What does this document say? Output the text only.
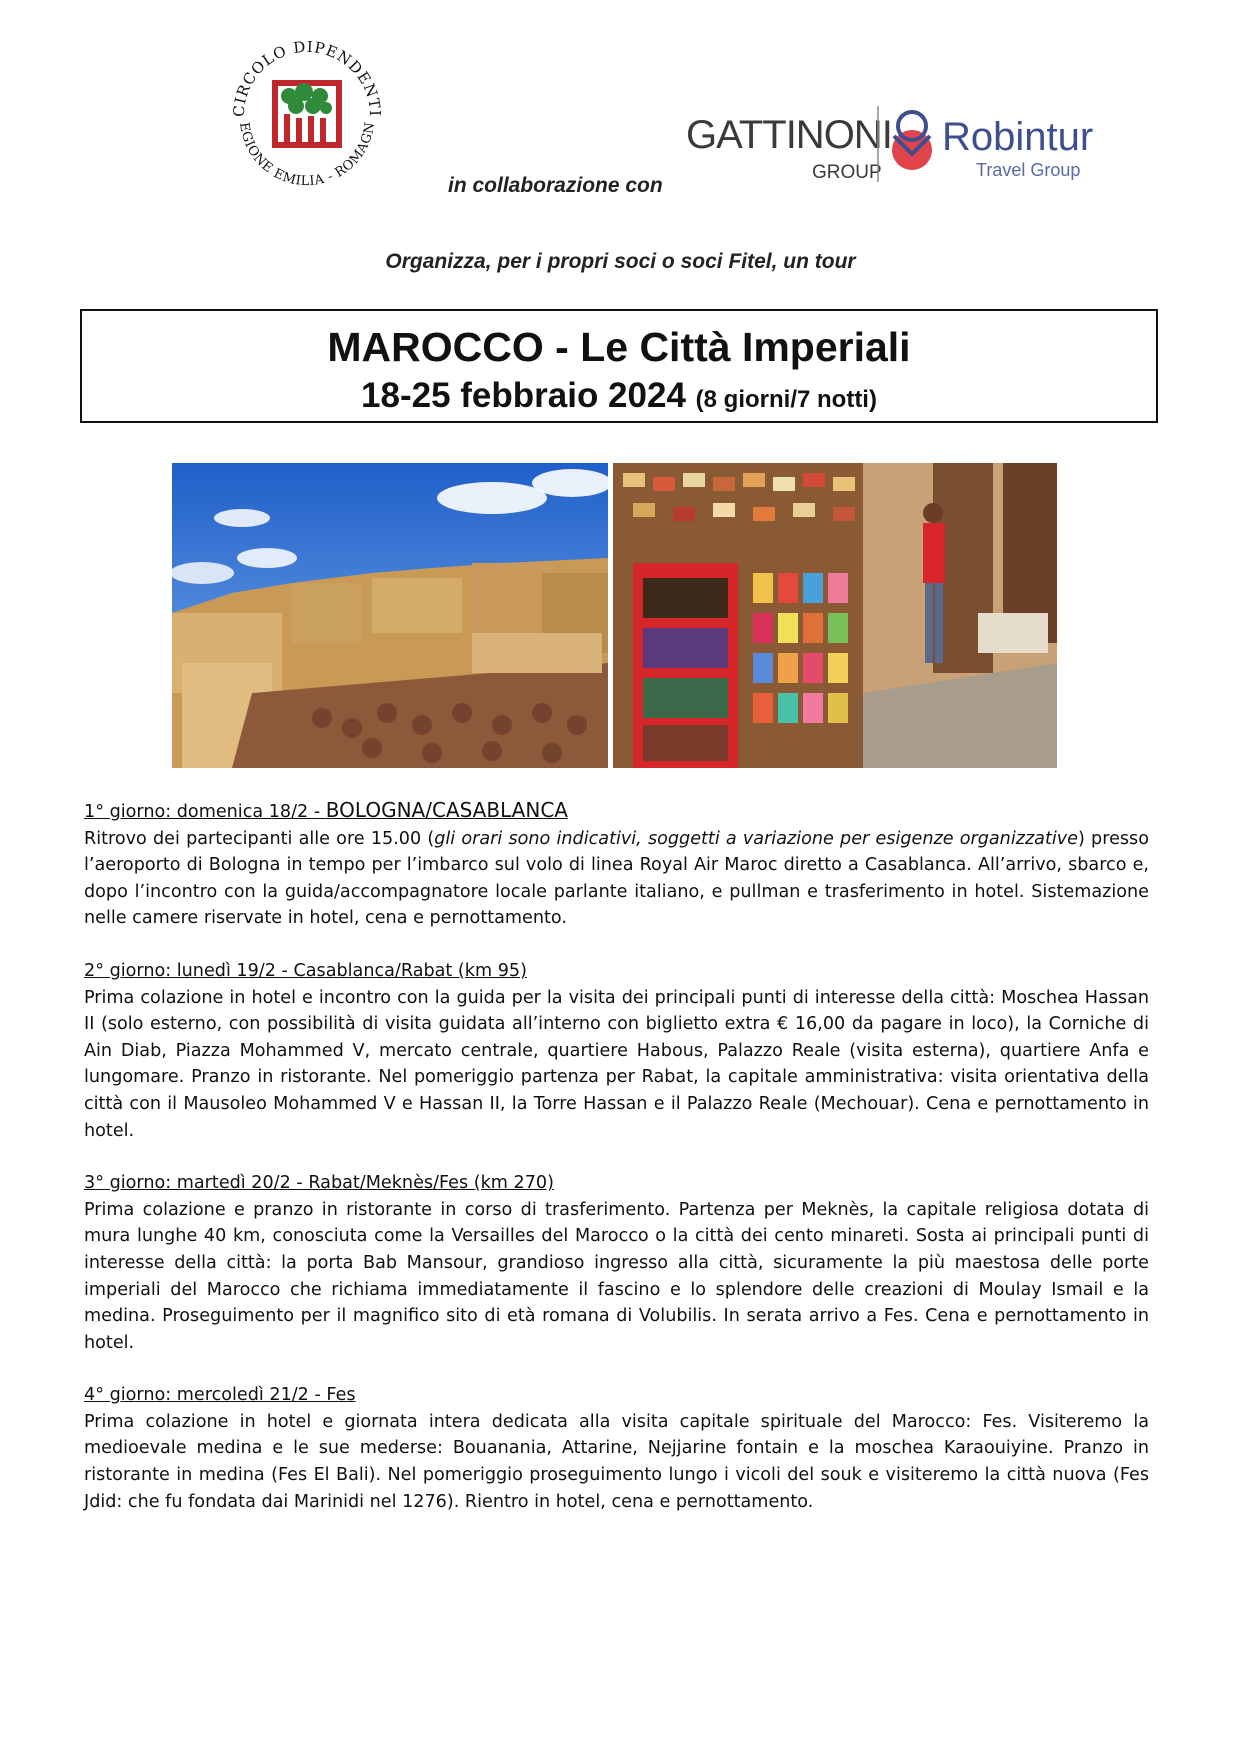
CIRCOLO DIPENDENTI
EGIONE EMILIA - ROMAGN
in collaborazione con
GATTINONI
GROUP
Robintur
Travel Group
Organizza, per i propri soci o soci Fitel, un tour
MAROCCO - Le Città Imperiali
18-25 febbraio 2024 (8 giorni/7 notti)
1° giorno: domenica 18/2 - BOLOGNA/CASABLANCA
Ritrovo dei partecipanti alle ore 15.00 (gli orari sono indicativi, soggetti a variazione per esigenze organizzative) presso l’aeroporto di Bologna in tempo per l’imbarco sul volo di linea Royal Air Maroc diretto a Casablanca. All’arrivo, sbarco e, dopo l’incontro con la guida/accompagnatore locale parlante italiano, e pullman e trasferimento in hotel. Sistemazione nelle camere riservate in hotel, cena e pernottamento.
2° giorno: lunedì 19/2 - Casablanca/Rabat (km 95)
Prima colazione in hotel e incontro con la guida per la visita dei principali punti di interesse della città: Moschea Hassan II (solo esterno, con possibilità di visita guidata all’interno con biglietto extra € 16,00 da pagare in loco), la Corniche di Ain Diab, Piazza Mohammed V, mercato centrale, quartiere Habous, Palazzo Reale (visita esterna), quartiere Anfa e lungomare. Pranzo in ristorante. Nel pomeriggio partenza per Rabat, la capitale amministrativa: visita orientativa della città con il Mausoleo Mohammed V e Hassan II, la Torre Hassan e il Palazzo Reale (Mechouar). Cena e pernottamento in hotel.
3° giorno: martedì 20/2 - Rabat/Meknès/Fes (km 270)
Prima colazione e pranzo in ristorante in corso di trasferimento. Partenza per Meknès, la capitale religiosa dotata di mura lunghe 40 km, conosciuta come la Versailles del Marocco o la città dei cento minareti. Sosta ai principali punti di interesse della città: la porta Bab Mansour, grandioso ingresso alla città, sicuramente la più maestosa delle porte imperiali del Marocco che richiama immediatamente il fascino e lo splendore delle creazioni di Moulay Ismail e la medina. Proseguimento per il magnifico sito di età romana di Volubilis. In serata arrivo a Fes. Cena e pernottamento in hotel.
4° giorno: mercoledì 21/2 - Fes
Prima colazione in hotel e giornata intera dedicata alla visita capitale spirituale del Marocco: Fes. Visiteremo la medioevale medina e le sue mederse: Bouanania, Attarine, Nejjarine fontain e la moschea Karaouiyine. Pranzo in ristorante in medina (Fes El Bali). Nel pomeriggio proseguimento lungo i vicoli del souk e visiteremo la città nuova (Fes Jdid: che fu fondata dai Marinidi nel 1276). Rientro in hotel, cena e pernottamento.
